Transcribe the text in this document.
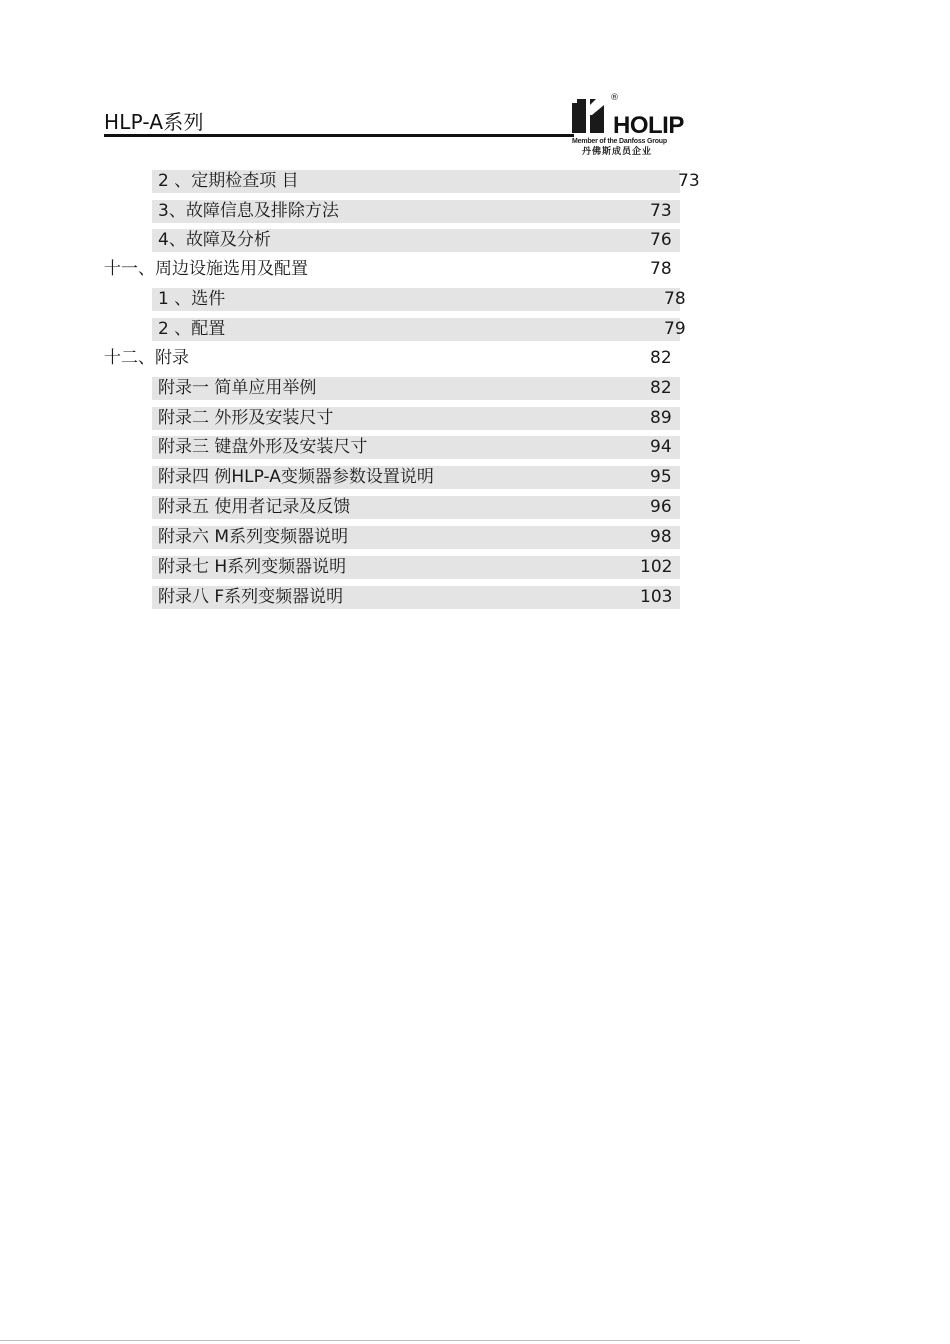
HLP-A系列
®
HOLIP
Member of the Danfoss Group
丹佛斯成员企业
2 、定期检查项 目	73
3、故障信息及排除方法	73
4、故障及分析	76
十一、周边设施选用及配置	78
1 、选件	78
2 、配置	79
十二、附录	82
附录一 简单应用举例	82
附录二 外形及安装尺寸	89
附录三 键盘外形及安装尺寸	94
附录四 例HLP-A变频器参数设置说明	95
附录五 使用者记录及反馈	96
附录六 M系列变频器说明	98
附录七 H系列变频器说明	102
附录八 F系列变频器说明	103
